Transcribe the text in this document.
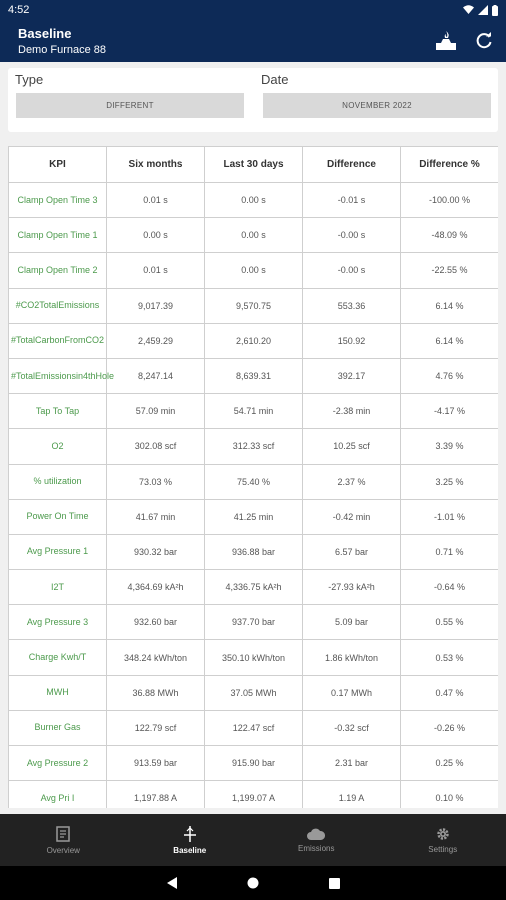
4:52
Baseline
Demo Furnace 88
Type
DIFFERENT
Date
NOVEMBER 2022
KPI	Six months	Last 30 days	Difference	Difference %
Clamp Open Time 3	0.01 s	0.00 s	-0.01 s	-100.00 %
Clamp Open Time 1	0.00 s	0.00 s	-0.00 s	-48.09 %
Clamp Open Time 2	0.01 s	0.00 s	-0.00 s	-22.55 %
#CO2TotalEmissions	9,017.39	9,570.75	553.36	6.14 %
#TotalCarbonFromCO2	2,459.29	2,610.20	150.92	6.14 %
#TotalEmissionsin4thHole	8,247.14	8,639.31	392.17	4.76 %
Tap To Tap	57.09 min	54.71 min	-2.38 min	-4.17 %
O2	302.08 scf	312.33 scf	10.25 scf	3.39 %
% utilization	73.03 %	75.40 %	2.37 %	3.25 %
Power On Time	41.67 min	41.25 min	-0.42 min	-1.01 %
Avg Pressure 1	930.32 bar	936.88 bar	6.57 bar	0.71 %
I2T	4,364.69 kA²h	4,336.75 kA²h	-27.93 kA²h	-0.64 %
Avg Pressure 3	932.60 bar	937.70 bar	5.09 bar	0.55 %
Charge Kwh/T	348.24 kWh/ton	350.10 kWh/ton	1.86 kWh/ton	0.53 %
MWH	36.88 MWh	37.05 MWh	0.17 MWh	0.47 %
Burner Gas	122.79 scf	122.47 scf	-0.32 scf	-0.26 %
Avg Pressure 2	913.59 bar	915.90 bar	2.31 bar	0.25 %
Avg Pri I	1,197.88 A	1,199.07 A	1.19 A	0.10 %
Overview	Baseline	Emissions	Settings
